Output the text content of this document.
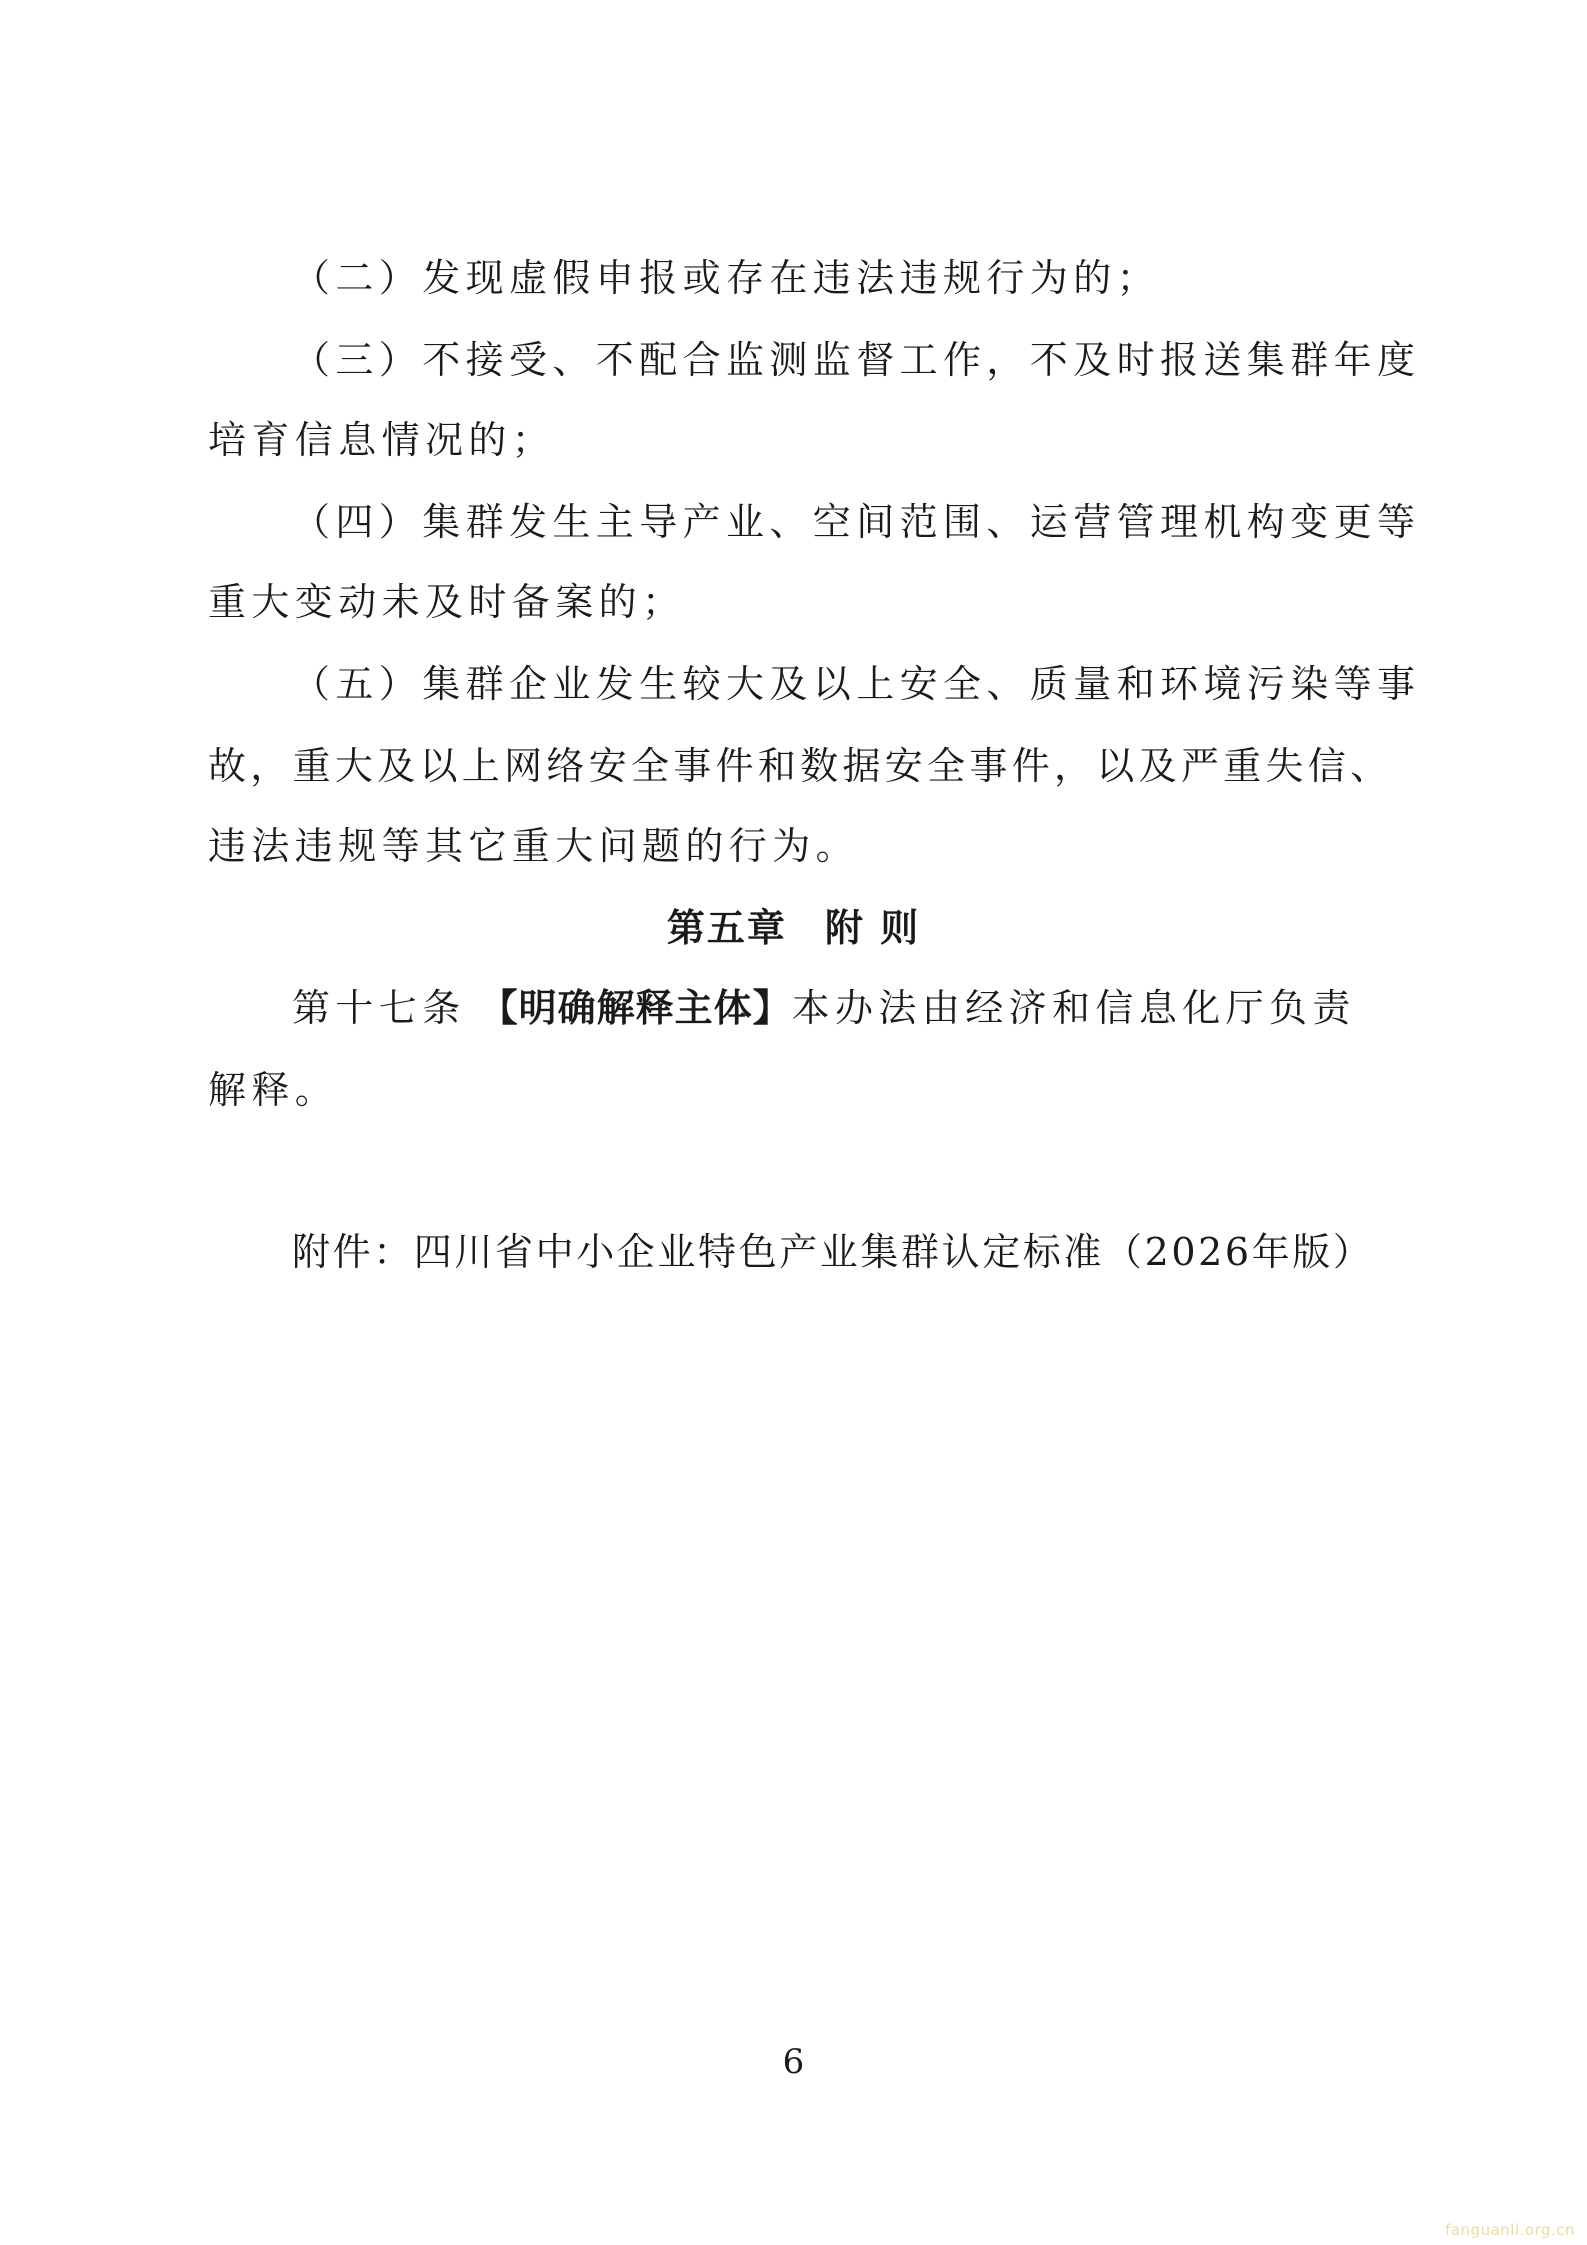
（二）发现虚假申报或存在违法违规行为的；
（三）不接受、不配合监测监督工作，不及时报送集群年度
培育信息情况的；
（四）集群发生主导产业、空间范围、运营管理机构变更等
重大变动未及时备案的；
（五）集群企业发生较大及以上安全、质量和环境污染等事
故，重大及以上网络安全事件和数据安全事件，以及严重失信、
违法违规等其它重大问题的行为。
第五章 附 则
第十七条 【明确解释主体】本办法由经济和信息化厅负责
解释。
附件：四川省中小企业特色产业集群认定标准（2026年版）
6
fanguanli.org.cn
